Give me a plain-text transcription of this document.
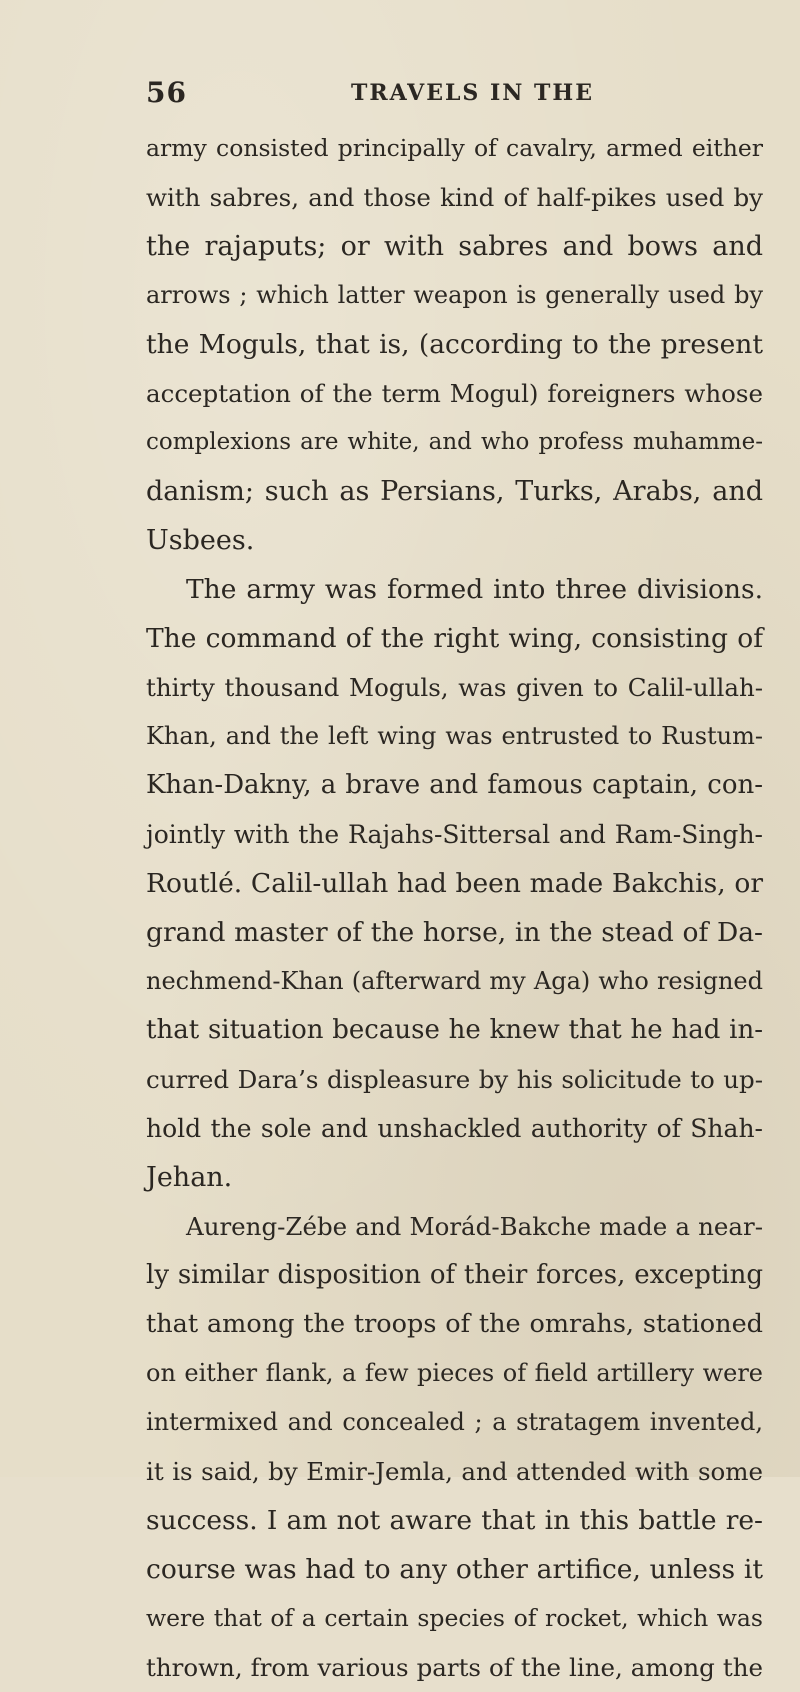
56	TRAVELS IN THE
army consisted principally of cavalry, armed either
with sabres, and those kind of half-pikes used by
the rajaputs; or with sabres and bows and
arrows ; which latter weapon is generally used by
the Moguls, that is, (according to the present
acceptation of the term Mogul) foreigners whose
complexions are white, and who profess muhamme-
danism; such as Persians, Turks, Arabs, and
Usbees.
The army was formed into three divisions.
The command of the right wing, consisting of
thirty thousand Moguls, was given to Calil-ullah-
Khan, and the left wing was entrusted to Rustum-
Khan-Dakny, a brave and famous captain, con-
jointly with the Rajahs-Sittersal and Ram-Singh-
Routlé. Calil-ullah had been made Bakchis, or
grand master of the horse, in the stead of Da-
nechmend-Khan (afterward my Aga) who resigned
that situation because he knew that he had in-
curred Dara’s displeasure by his solicitude to up-
hold the sole and unshackled authority of Shah-
Jehan.
Aureng-Zébe and Morád-Bakche made a near-
ly similar disposition of their forces, excepting
that among the troops of the omrahs, stationed
on either flank, a few pieces of field artillery were
intermixed and concealed ; a stratagem invented,
it is said, by Emir-Jemla, and attended with some
success. I am not aware that in this battle re-
course was had to any other artifice, unless it
were that of a certain species of rocket, which was
thrown, from various parts of the line, among the
